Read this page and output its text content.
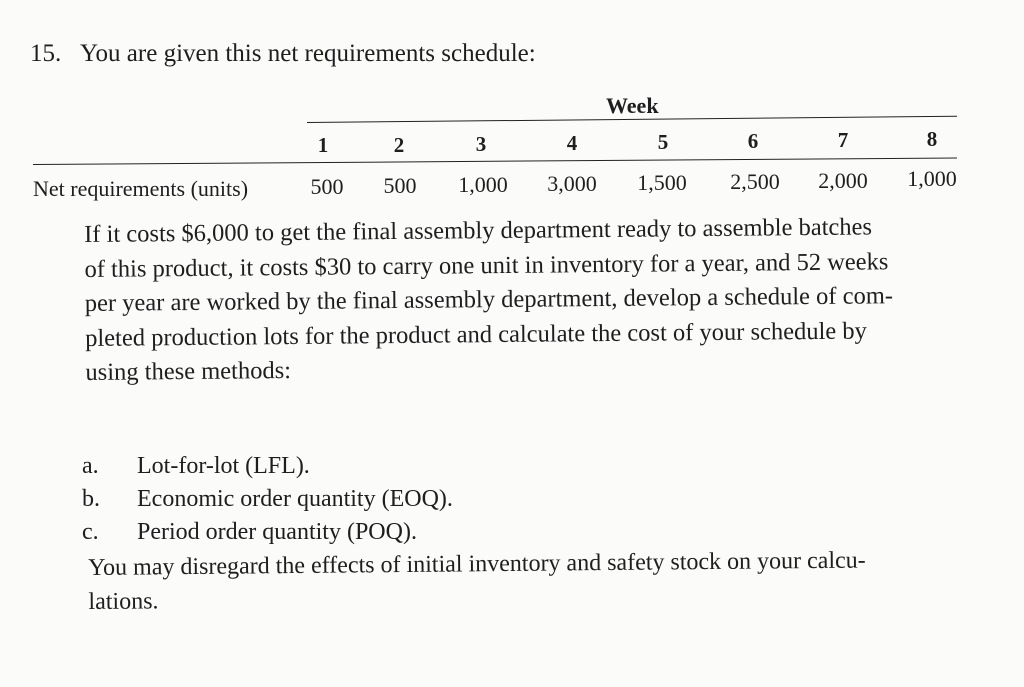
15. You are given this net requirements schedule:
Week
1	2	3	4	5	6	7	8
Net requirements (units)	500	500	1,000	3,000	1,500	2,500	2,000	1,000
If it costs $6,000 to get the final assembly department ready to assemble batches
of this product, it costs $30 to carry one unit in inventory for a year, and 52 weeks
per year are worked by the final assembly department, develop a schedule of com-
pleted production lots for the product and calculate the cost of your schedule by
using these methods:
a.	Lot-for-lot (LFL).
b.	Economic order quantity (EOQ).
c.	Period order quantity (POQ).
You may disregard the effects of initial inventory and safety stock on your calcu-
lations.
